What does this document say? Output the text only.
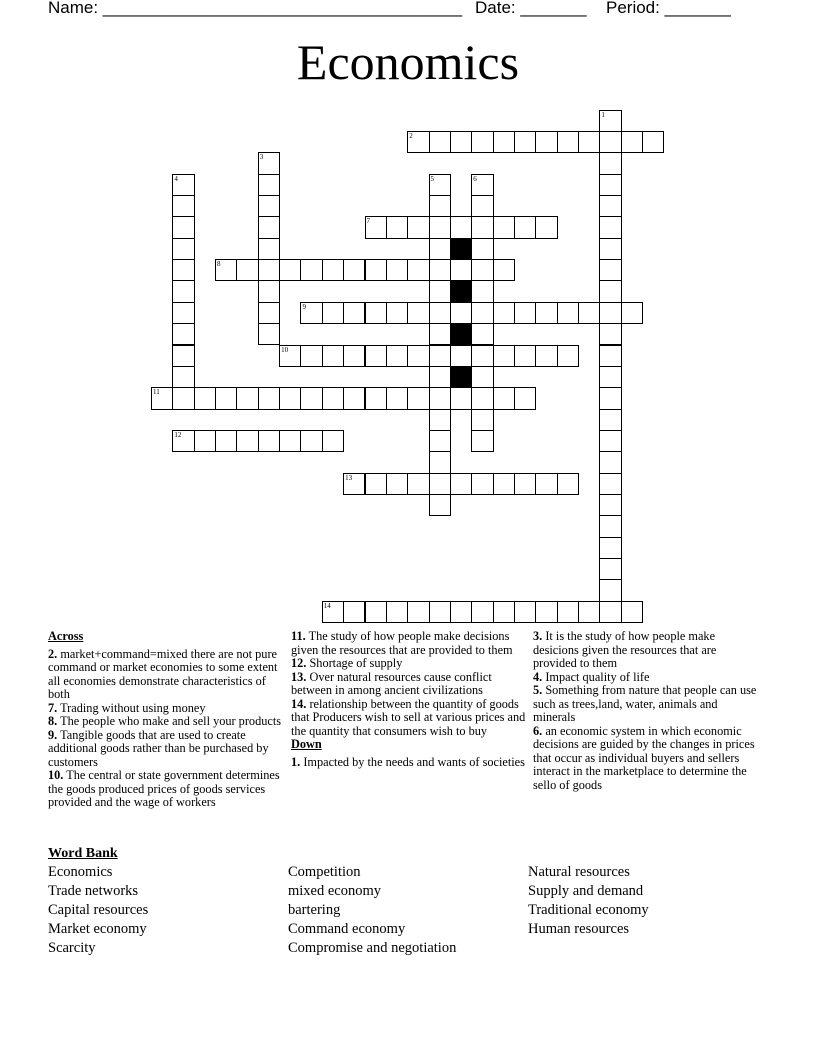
Name: ______________________________________ Date: _______ Period: _______
Economics
2
7
8
9
10
11
12
13
14
1
3
4	5	6
Across
2. market+command=mixed there are not pure command or market economies to some extent all economies demonstrate characteristics of both
7. Trading without using money
8. The people who make and sell your products
9. Tangible goods that are used to create additional goods rather than be purchased by customers
10. The central or state government determines the goods produced prices of goods services provided and the wage of workers
11. The study of how people make decisions given the resources that are provided to them
12. Shortage of supply
13. Over natural resources cause conflict between in among ancient civilizations
14. relationship between the quantity of goods that Producers wish to sell at various prices and the quantity that consumers wish to buy
Down
1. Impacted by the needs and wants of societies
3. It is the study of how people make desicions given the resources that are provided to them
4. Impact quality of life
5. Something from nature that people can use such as trees,land, water, animals and minerals
6. an economic system in which economic decisions are guided by the changes in prices that occur as individual buyers and sellers interact in the marketplace to determine the sello of goods
Word Bank
Economics
Trade networks
Capital resources
Market economy
Scarcity
Competition
mixed economy
bartering
Command economy
Compromise and negotiation
Natural resources
Supply and demand
Traditional economy
Human resources
